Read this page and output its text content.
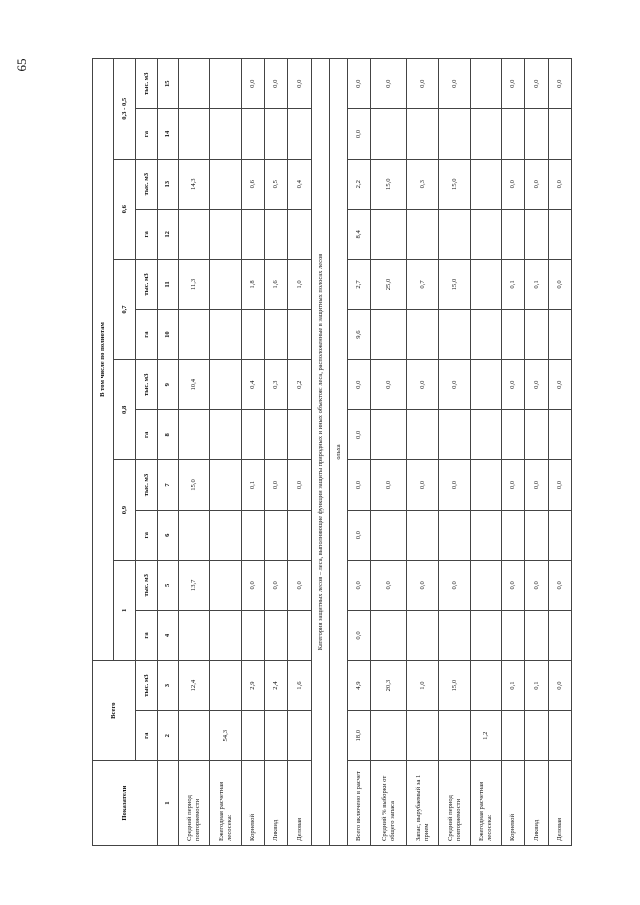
65
Показатели	Всего		В том числе по полнотам											
			1		0,9		0,8		0,7		0,6		0,3 - 0,5	
	га	тыс. м3	га	тыс. м3	га	тыс. м3	га	тыс. м3	га	тыс. м3	га	тыс. м3	га	тыс. м3
1	2	3	4	5	6	7	8	9	10	11	12	13	14	15
Средний период повторяемости		12,4		13,7		15,0		10,4		11,3		14,3		
Ежегодная расчетная лесосека:	54,3													
Корневой		2,9		0,0		0,1		0,4		1,8		0,6		0,0
Ликвид		2,4		0,0		0,0		0,3		1,6		0,5		0,0
Деловая		1,6		0,0		0,0		0,2		1,0		0,4		0,0
Категория защитных лесов – леса, выполняющие функции защиты природных и иных объектов: леса, расположенные в защитных полосах лесов														
ольха														
Всего включено в расчет	18,0	4,9	0,0	0,0	0,0	0,0	0,0	0,0	9,6	2,7	8,4	2,2	0,0	0,0
Средний % выборки от общего запаса		20,3		0,0		0,0		0,0		25,0		15,0		0,0
Запас, вырубаемый за 1 прием		1,0		0,0		0,0		0,0		0,7		0,3		0,0
Средний период повторяемости		15,0		0,0		0,0		0,0		15,0		15,0		0,0
Ежегодная расчетная лесосека:	1,2													
Корневой		0,1		0,0		0,0		0,0		0,1		0,0		0,0
Ликвид		0,1		0,0		0,0		0,0		0,1		0,0		0,0
Деловая		0,0		0,0		0,0		0,0		0,0		0,0		0,0
